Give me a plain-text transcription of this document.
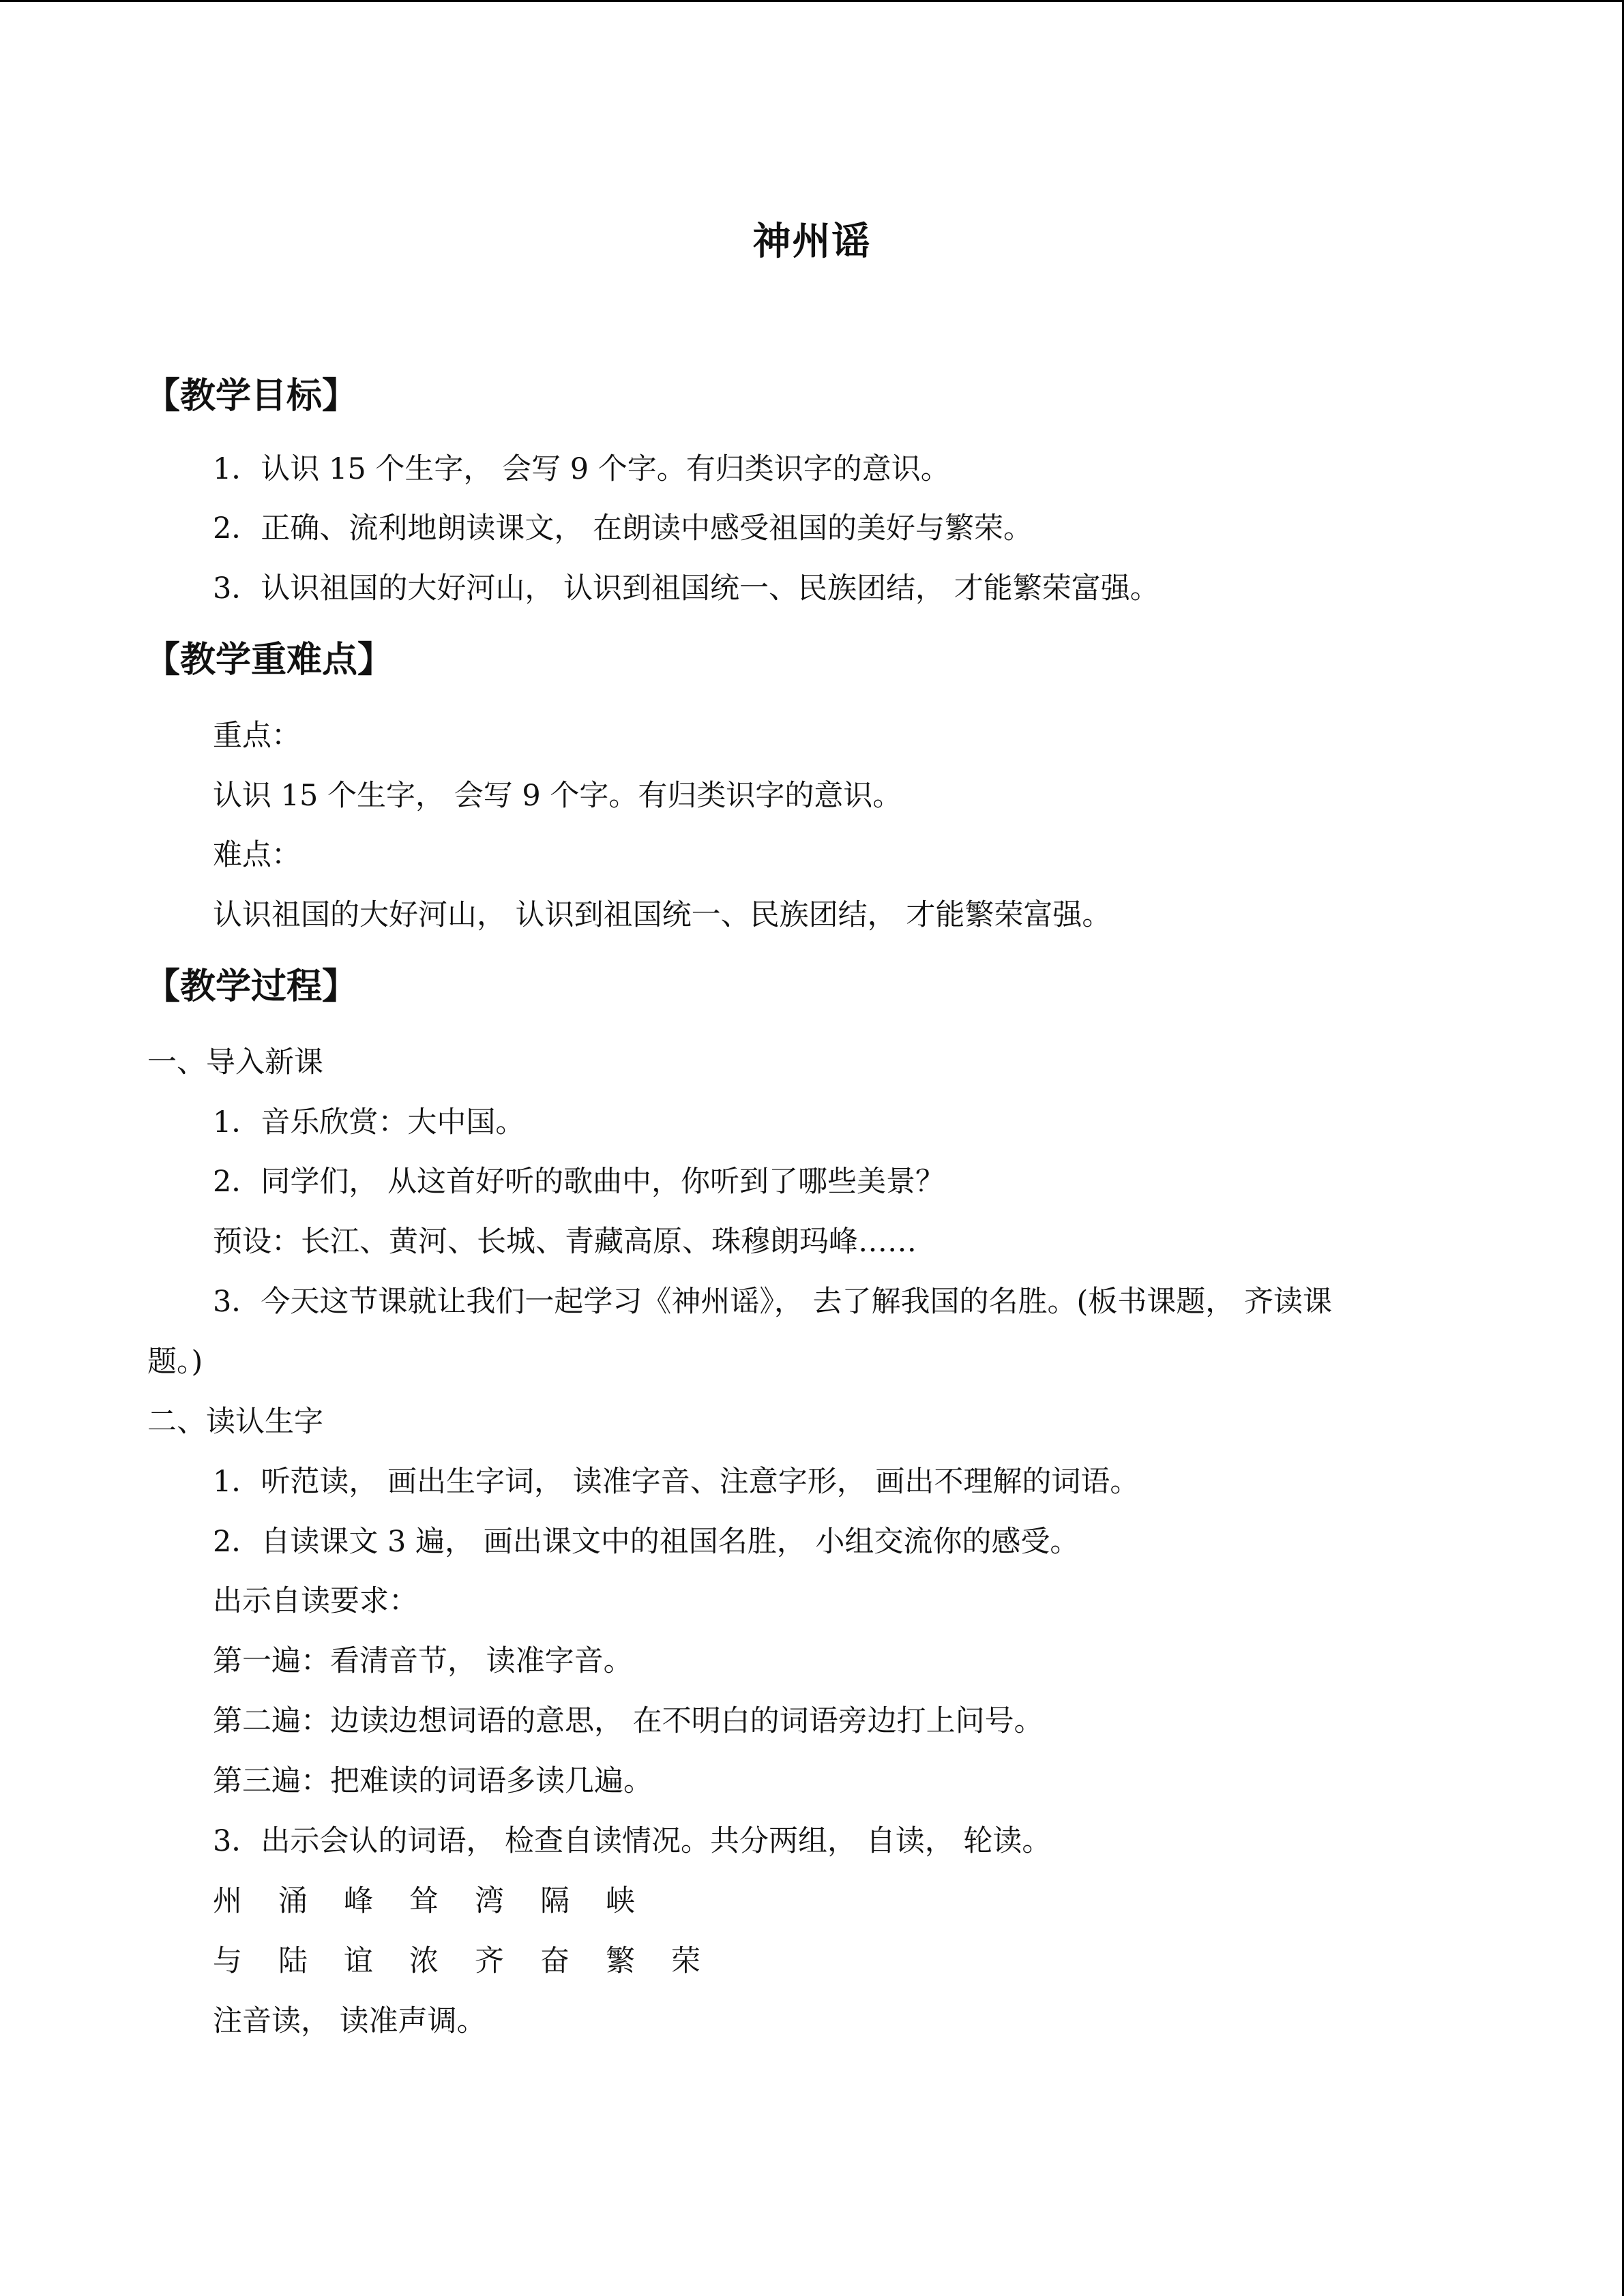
神州谣
【教学目标】
1．认识 15 个生字， 会写 9 个字。有归类识字的意识。
2．正确、流利地朗读课文， 在朗读中感受祖国的美好与繁荣。
3．认识祖国的大好河山， 认识到祖国统一、民族团结， 才能繁荣富强。
【教学重难点】
重点：
认识 15 个生字， 会写 9 个字。有归类识字的意识。
难点：
认识祖国的大好河山， 认识到祖国统一、民族团结， 才能繁荣富强。
【教学过程】
一、导入新课
1．音乐欣赏：大中国。
2．同学们， 从这首好听的歌曲中，你听到了哪些美景？
预设：长江、黄河、长城、青藏高原、珠穆朗玛峰……
3．今天这节课就让我们一起学习《神州谣》， 去了解我国的名胜。(板书课题， 齐读课
题。)
二、读认生字
1．听范读， 画出生字词， 读准字音、注意字形， 画出不理解的词语。
2．自读课文 3 遍， 画出课文中的祖国名胜， 小组交流你的感受。
出示自读要求：
第一遍：看清音节， 读准字音。
第二遍：边读边想词语的意思， 在不明白的词语旁边打上问号。
第三遍：把难读的词语多读几遍。
3．出示会认的词语， 检查自读情况。共分两组， 自读， 轮读。
州 涌 峰 耸 湾 隔 峡
与 陆 谊 浓 齐 奋 繁 荣
注音读， 读准声调。
